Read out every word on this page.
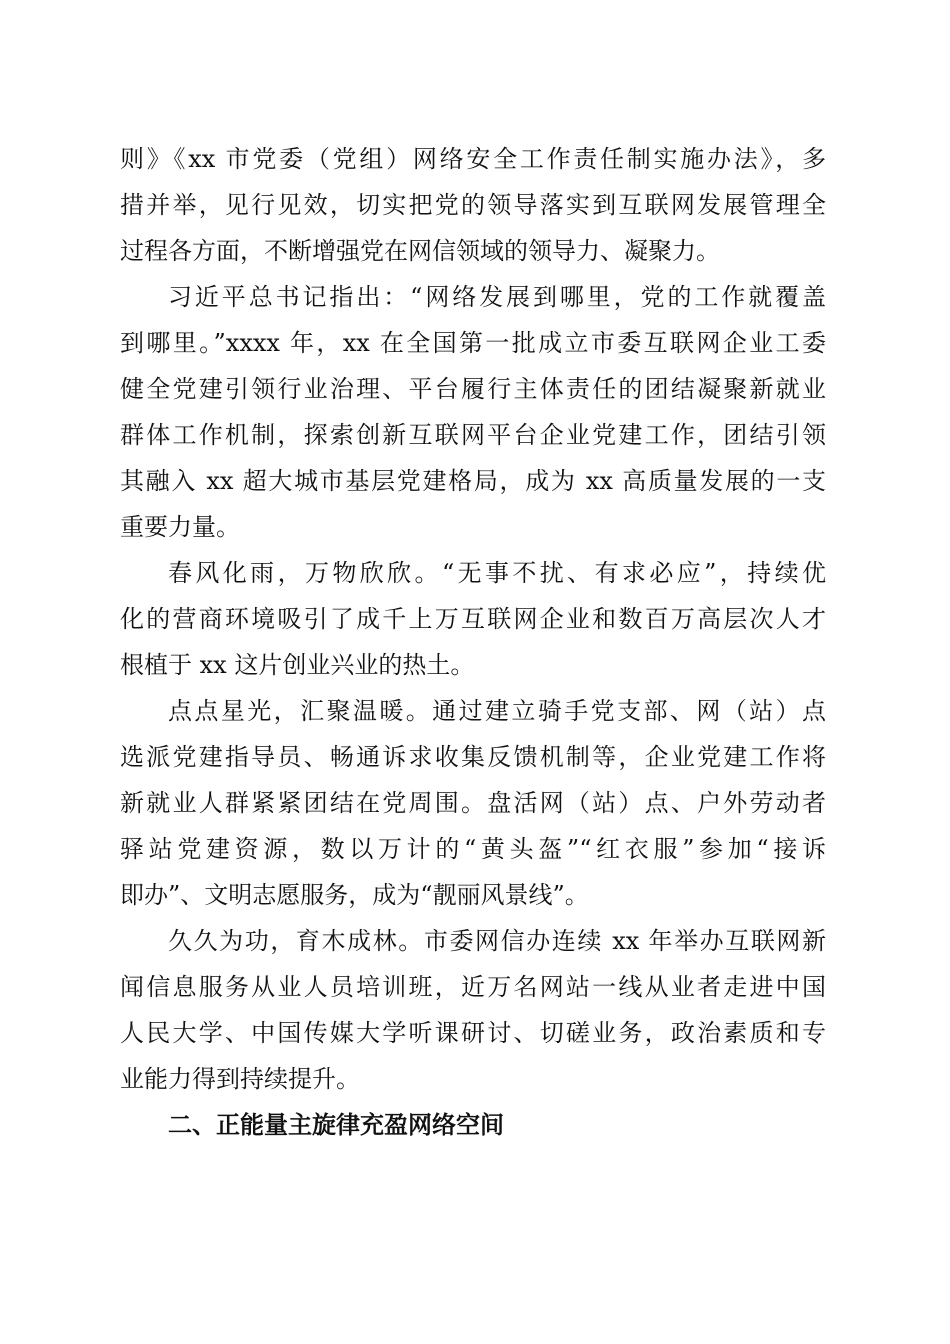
则》《xx 市党委（党组）网络安全工作责任制实施办法》，多
措并举，见行见效，切实把党的领导落实到互联网发展管理全
过程各方面，不断增强党在网信领域的领导力、凝聚力。
习近平总书记指出：“网络发展到哪里，党的工作就覆盖
到哪里。”xxxx 年，xx 在全国第一批成立市委互联网企业工委
健全党建引领行业治理、平台履行主体责任的团结凝聚新就业
群体工作机制，探索创新互联网平台企业党建工作，团结引领
其融入 xx 超大城市基层党建格局，成为 xx 高质量发展的一支
重要力量。
春风化雨，万物欣欣。“无事不扰、有求必应”，持续优
化的营商环境吸引了成千上万互联网企业和数百万高层次人才
根植于 xx 这片创业兴业的热土。
点点星光，汇聚温暖。通过建立骑手党支部、网（站）点
选派党建指导员、畅通诉求收集反馈机制等，企业党建工作将
新就业人群紧紧团结在党周围。盘活网（站）点、户外劳动者
驿站党建资源，数以万计的“黄头盔”“红衣服”参加“接诉
即办”、文明志愿服务，成为“靓丽风景线”。
久久为功，育木成林。市委网信办连续 xx 年举办互联网新
闻信息服务从业人员培训班，近万名网站一线从业者走进中国
人民大学、中国传媒大学听课研讨、切磋业务，政治素质和专
业能力得到持续提升。
二、正能量主旋律充盈网络空间
